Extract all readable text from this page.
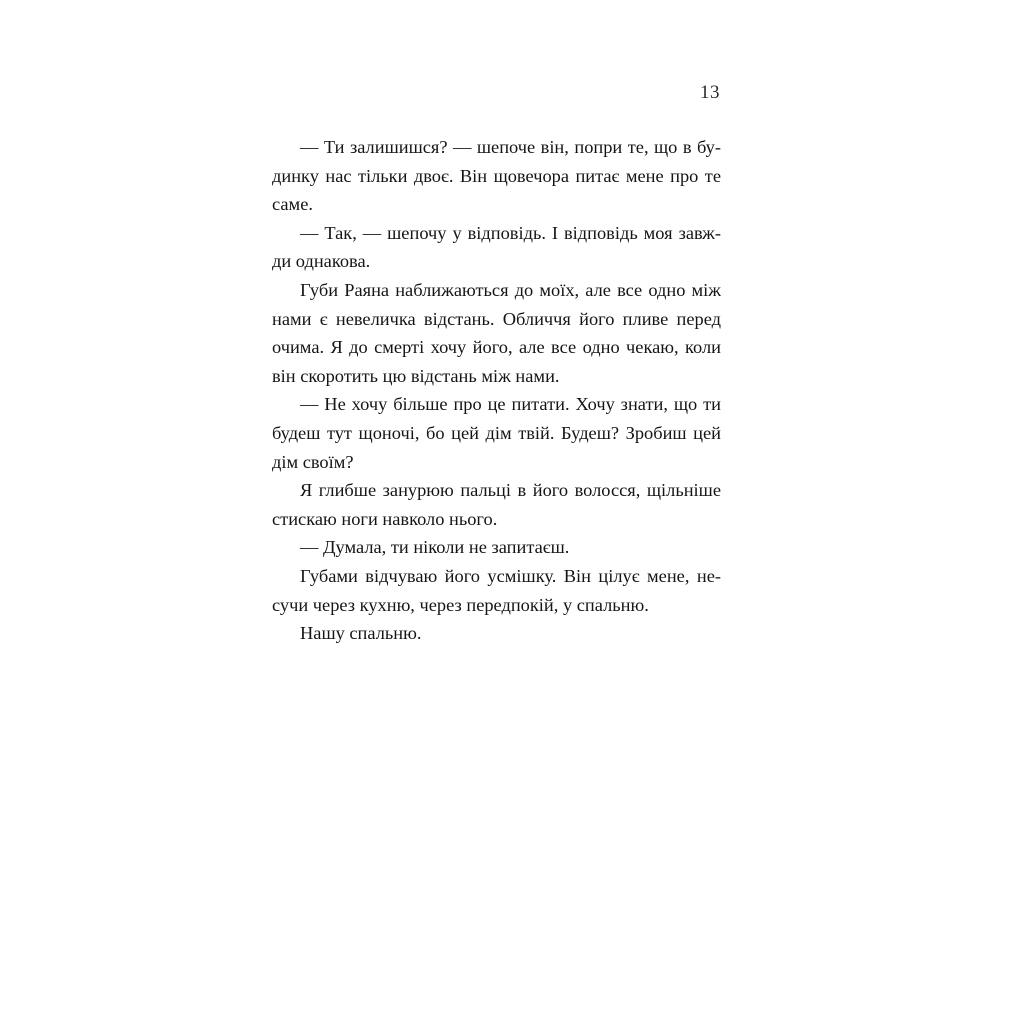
13

— Ти залишишся? — шепоче він, попри те, що в будинку нас тільки двоє. Він щовечора питає мене про те саме.

— Так, — шепочу у відповідь. І відповідь моя завжди однакова.

Губи Раяна наближаються до моїх, але все одно між нами є невеличка відстань. Обличчя його пливе перед очима. Я до смерті хочу його, але все одно чекаю, коли він скоротить цю відстань між нами.

— Не хочу більше про це питати. Хочу знати, що ти будеш тут щоночі, бо цей дім твій. Будеш? Зробиш цей дім своїм?

Я глибше занурюю пальці в його волосся, щільніше стискаю ноги навколо нього.

— Думала, ти ніколи не запитаєш.

Губами відчуваю його усмішку. Він цілує мене, несучи через кухню, через передпокій, у спальню.

Нашу спальню.
